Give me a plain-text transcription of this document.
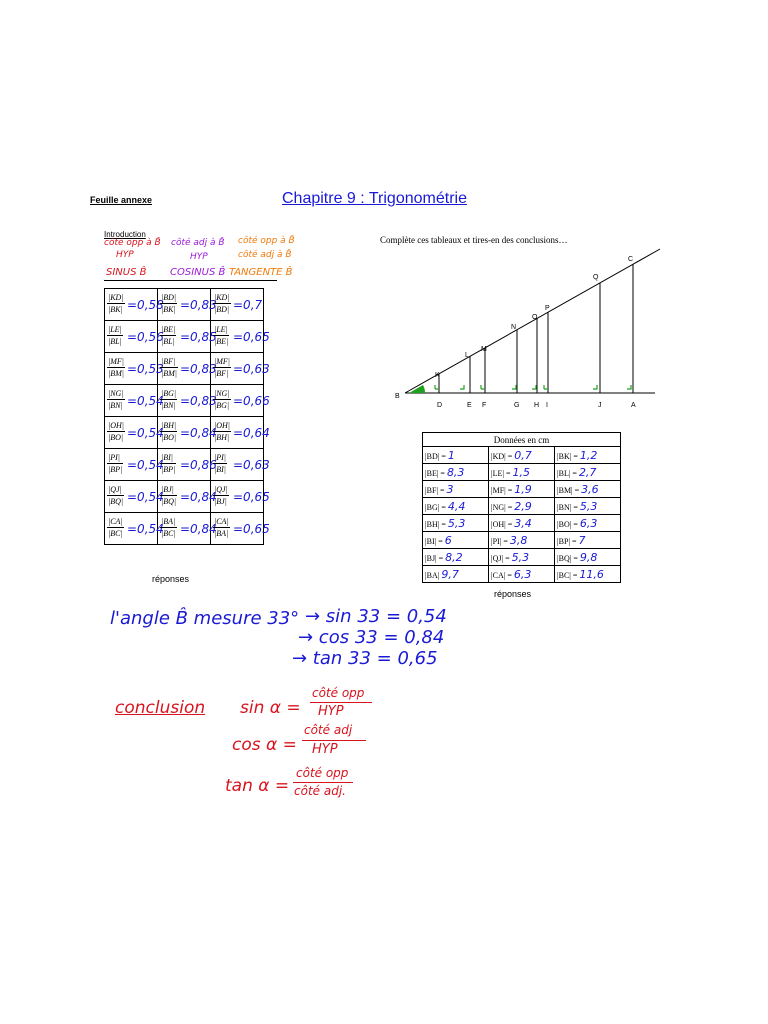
Feuille annexe	Chapitre 9 : Trigonométrie
Introduction
côté opp à B̂
HYP
SINUS B̂
côté adj à B̂
HYP
COSINUS B̂
côté opp à B̂
côté adj à B̂
TANGENTE B̂
$\frac{|KD|}{|BK|} =0,58$	$\frac{|BD|}{|BK|} =0,83$	$\frac{|KD|}{|BD|} =0,7$

$\frac{|LE|}{|BL|} =0,56$	$\frac{|BE|}{|BL|} =0,85$	$\frac{|LE|}{|BE|} =0,65$

$\frac{|MF|}{|BM|} =0,53$	$\frac{|BF|}{|BM|} =0,83$	$\frac{|MF|}{|BF|} =0,63$

$\frac{|NG|}{|BN|} =0,54$	$\frac{|BG|}{|BN|} =0,83$	$\frac{|NG|}{|BG|} =0,66$

$\frac{|OH|}{|BO|} =0,54$	$\frac{|BH|}{|BO|} =0,84$	$\frac{|OH|}{|BH|} =0,64$

$\frac{|PI|}{|BP|} =0,54$	$\frac{|BI|}{|BP|} =0,86$	$\frac{|PI|}{|BI|} =0,63$

$\frac{|QJ|}{|BQ|} =0,54$	$\frac{|BJ|}{|BQ|} =0,84$	$\frac{|QJ|}{|BJ|} =0,65$

$\frac{|CA|}{|BC|} =0,54$	$\frac{|BA|}{|BC|} =0,84$	$\frac{|CA|}{|BA|} =0,65$
réponses
Complète ces tableaux et tires-en des conclusions…
B
K
L
M
N
O
P
Q
C
D	E F	G H I	J	A
Données en cm		
|BD| = 1	|KD| = 0,7	|BK| = 1,2
|BE| = 8,3	|LE| = 1,5	|BL| = 2,7
|BF| = 3	|MF| = 1,9	|BM| = 3,6
|BG| = 4,4	|NG| = 2,9	|BN| = 5,3
|BH| = 5,3	|OH| = 3,4	|BO| = 6,3
|BI| = 6	|PI| = 3,8	|BP| = 7
|BJ| = 8,2	|QJ| = 5,3	|BQ| = 9,8
|BA| 9,7	|CA| = 6,3	|BC| = 11,6
réponses
l'angle B̂ mesure 33° → sin 33 = 0,54
→ cos 33 = 0,84
→ tan 33 = 0,65
conclusion sin α =
côté opp
HYP
cos α =
côté adj
HYP
tan α =
côté opp
côté adj.
